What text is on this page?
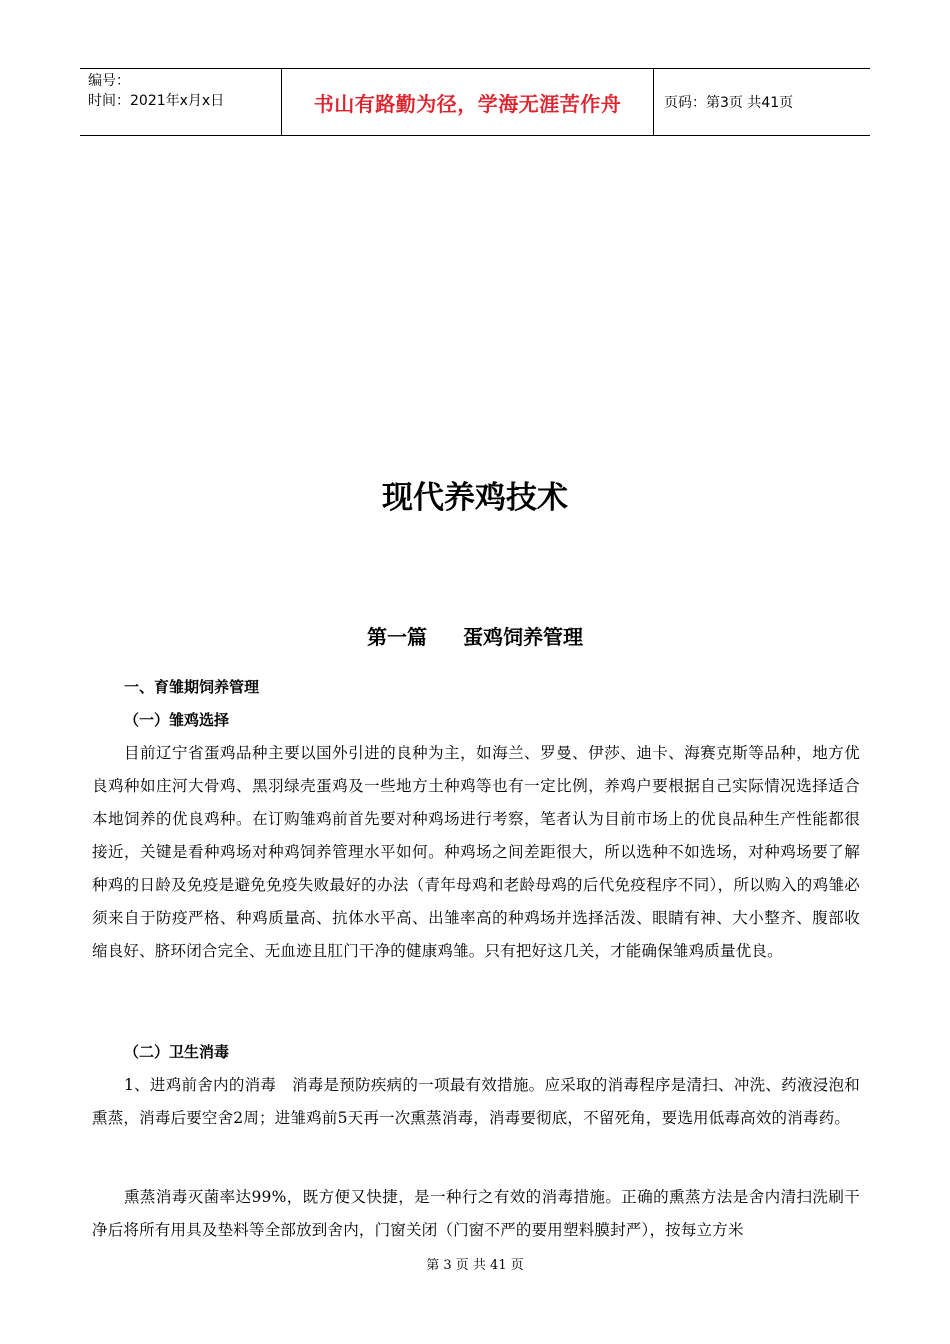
编号：
时间：2021年x月x日	书山有路勤为径，学海无涯苦作舟	页码：第3页 共41页
现代养鸡技术
第一篇 蛋鸡饲养管理
一、育雏期饲养管理
（一）雏鸡选择
目前辽宁省蛋鸡品种主要以国外引进的良种为主，如海兰、罗曼、伊莎、迪卡、海赛克斯等品种，地方优良鸡种如庄河大骨鸡、黑羽绿壳蛋鸡及一些地方土种鸡等也有一定比例，养鸡户要根据自己实际情况选择适合本地饲养的优良鸡种。在订购雏鸡前首先要对种鸡场进行考察，笔者认为目前市场上的优良品种生产性能都很接近，关键是看种鸡场对种鸡饲养管理水平如何。种鸡场之间差距很大，所以选种不如选场，对种鸡场要了解种鸡的日龄及免疫是避免免疫失败最好的办法（青年母鸡和老龄母鸡的后代免疫程序不同），所以购入的鸡雏必须来自于防疫严格、种鸡质量高、抗体水平高、出雏率高的种鸡场并选择活泼、眼睛有神、大小整齐、腹部收缩良好、脐环闭合完全、无血迹且肛门干净的健康鸡雏。只有把好这几关，才能确保雏鸡质量优良。
（二）卫生消毒
1、进鸡前舍内的消毒　消毒是预防疾病的一项最有效措施。应采取的消毒程序是清扫、冲洗、药液浸泡和熏蒸，消毒后要空舍2周；进雏鸡前5天再一次熏蒸消毒，消毒要彻底，不留死角，要选用低毒高效的消毒药。
熏蒸消毒灭菌率达99%，既方便又快捷，是一种行之有效的消毒措施。正确的熏蒸方法是舍内清扫洗刷干净后将所有用具及垫料等全部放到舍内，门窗关闭（门窗不严的要用塑料膜封严），按每立方米
第 3 页 共 41 页
